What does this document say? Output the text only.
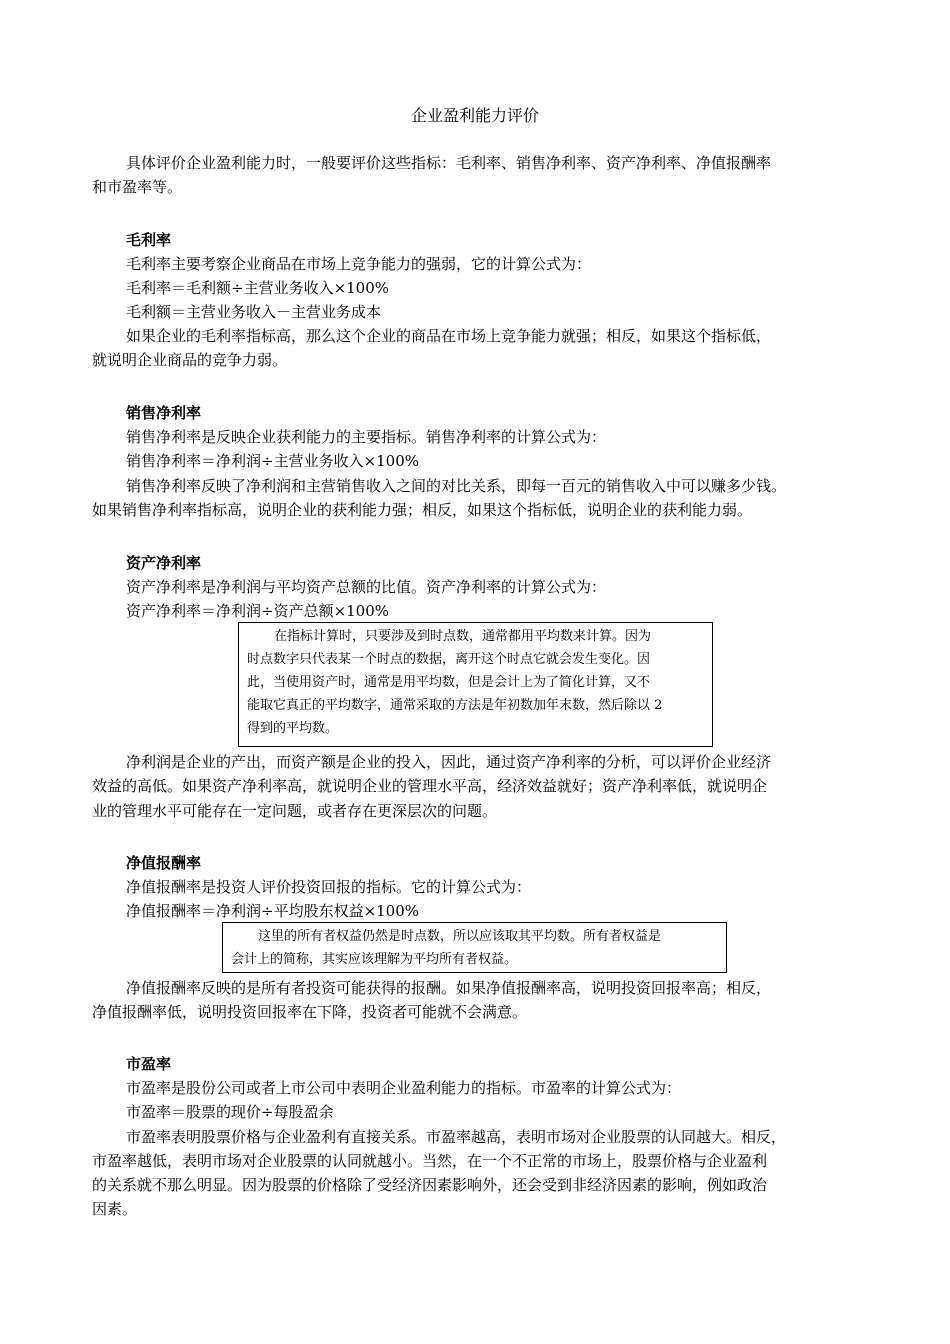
企业盈利能力评价
具体评价企业盈利能力时，一般要评价这些指标：毛利率、销售净利率、资产净利率、净值报酬率
和市盈率等。
毛利率
毛利率主要考察企业商品在市场上竞争能力的强弱，它的计算公式为：
毛利率＝毛利额÷主营业务收入×100%
毛利额＝主营业务收入－主营业务成本
如果企业的毛利率指标高，那么这个企业的商品在市场上竞争能力就强；相反，如果这个指标低，
就说明企业商品的竞争力弱。
销售净利率
销售净利率是反映企业获利能力的主要指标。销售净利率的计算公式为：
销售净利率＝净利润÷主营业务收入×100%
销售净利率反映了净利润和主营销售收入之间的对比关系，即每一百元的销售收入中可以赚多少钱。
如果销售净利率指标高，说明企业的获利能力强；相反，如果这个指标低，说明企业的获利能力弱。
资产净利率
资产净利率是净利润与平均资产总额的比值。资产净利率的计算公式为：
资产净利率＝净利润÷资产总额×100%
在指标计算时，只要涉及到时点数，通常都用平均数来计算。因为
时点数字只代表某一个时点的数据，离开这个时点它就会发生变化。因
此，当使用资产时，通常是用平均数，但是会计上为了简化计算，又不
能取它真正的平均数字，通常采取的方法是年初数加年末数，然后除以 2
得到的平均数。
净利润是企业的产出，而资产额是企业的投入，因此，通过资产净利率的分析，可以评价企业经济
效益的高低。如果资产净利率高，就说明企业的管理水平高，经济效益就好；资产净利率低，就说明企
业的管理水平可能存在一定问题，或者存在更深层次的问题。
净值报酬率
净值报酬率是投资人评价投资回报的指标。它的计算公式为：
净值报酬率＝净利润÷平均股东权益×100%
这里的所有者权益仍然是时点数，所以应该取其平均数。所有者权益是
会计上的简称，其实应该理解为平均所有者权益。
净值报酬率反映的是所有者投资可能获得的报酬。如果净值报酬率高，说明投资回报率高；相反，
净值报酬率低，说明投资回报率在下降，投资者可能就不会满意。
市盈率
市盈率是股份公司或者上市公司中表明企业盈利能力的指标。市盈率的计算公式为：
市盈率＝股票的现价÷每股盈余
市盈率表明股票价格与企业盈利有直接关系。市盈率越高，表明市场对企业股票的认同越大。相反，
市盈率越低，表明市场对企业股票的认同就越小。当然，在一个不正常的市场上，股票价格与企业盈利
的关系就不那么明显。因为股票的价格除了受经济因素影响外，还会受到非经济因素的影响，例如政治
因素。
